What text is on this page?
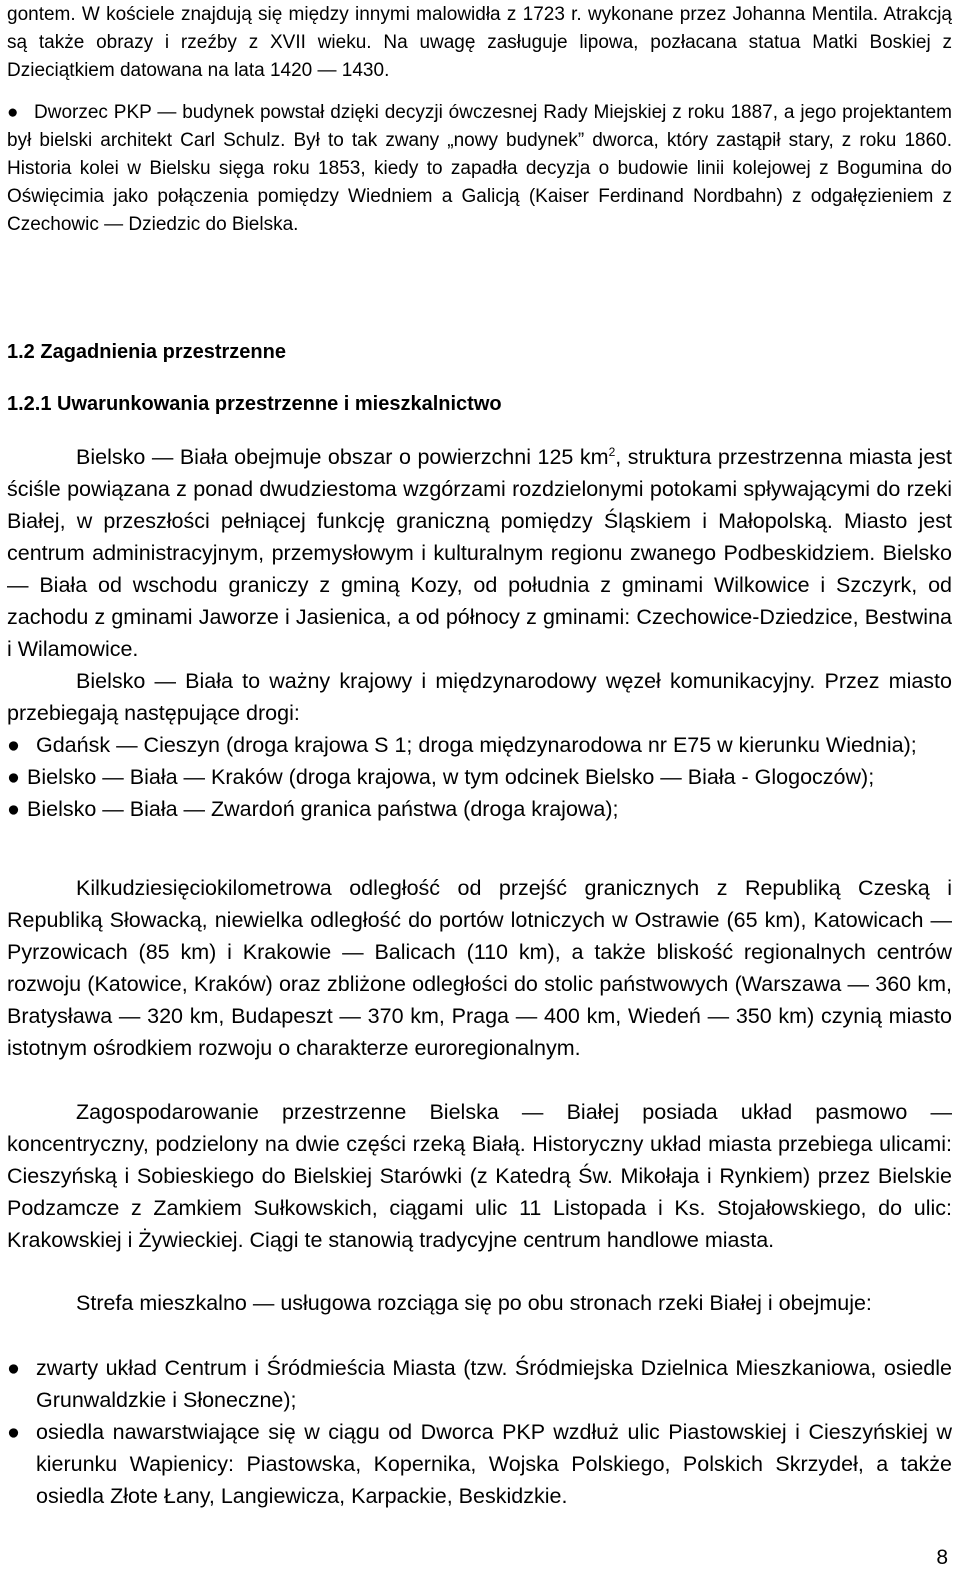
gontem. W kościele znajdują się między innymi malowidła z 1723 r. wykonane przez Johanna Mentila. Atrakcją są także obrazy i rzeźby z XVII wieku. Na uwagę zasługuje lipowa, pozłacana statua Matki Boskiej z Dzieciątkiem datowana na lata 1420 — 1430.

● Dworzec PKP — budynek powstał dzięki decyzji ówczesnej Rady Miejskiej z roku 1887, a jego projektantem był bielski architekt Carl Schulz. Był to tak zwany „nowy budynek” dworca, który zastąpił stary, z roku 1860. Historia kolei w Bielsku sięga roku 1853, kiedy to zapadła decyzja o budowie linii kolejowej z Bogumina do Oświęcimia jako połączenia pomiędzy Wiedniem a Galicją (Kaiser Ferdinand Nordbahn) z odgałęzieniem z Czechowic — Dziedzic do Bielska.

1.2 Zagadnienia przestrzenne
1.2.1 Uwarunkowania przestrzenne i mieszkalnictwo

Bielsko — Biała obejmuje obszar o powierzchni 125 $km^2$, struktura przestrzenna miasta jest ściśle powiązana z ponad dwudziestoma wzgórzami rozdzielonymi potokami spływającymi do rzeki Białej, w przeszłości pełniącej funkcję graniczną pomiędzy Śląskiem i Małopolską. Miasto jest centrum administracyjnym, przemysłowym i kulturalnym regionu zwanego Podbeskidziem. Bielsko — Biała od wschodu graniczy z gminą Kozy, od południa z gminami Wilkowice i Szczyrk, od zachodu z gminami Jaworze i Jasienica, a od północy z gminami: Czechowice-Dziedzice, Bestwina i Wilamowice.

Bielsko — Biała to ważny krajowy i międzynarodowy węzeł komunikacyjny. Przez miasto przebiegają następujące drogi:

● Gdańsk — Cieszyn (droga krajowa S 1; droga międzynarodowa nr E75 w kierunku Wiednia);

● Bielsko — Biała — Kraków (droga krajowa, w tym odcinek Bielsko — Biała - Glogoczów);

● Bielsko — Biała — Zwardoń granica państwa (droga krajowa);

Kilkudziesięciokilometrowa odległość od przejść granicznych z Republiką Czeską i Republiką Słowacką, niewielka odległość do portów lotniczych w Ostrawie (65 km), Katowicach — Pyrzowicach (85 km) i Krakowie — Balicach (110 km), a także bliskość regionalnych centrów rozwoju (Katowice, Kraków) oraz zbliżone odległości do stolic państwowych (Warszawa — 360 km, Bratysława — 320 km, Budapeszt — 370 km, Praga — 400 km, Wiedeń — 350 km) czynią miasto istotnym ośrodkiem rozwoju o charakterze euroregionalnym.

Zagospodarowanie przestrzenne Bielska — Białej posiada układ pasmowo — koncentryczny, podzielony na dwie części rzeką Białą. Historyczny układ miasta przebiega ulicami: Cieszyńską i Sobieskiego do Bielskiej Starówki (z Katedrą Św. Mikołaja i Rynkiem) przez Bielskie Podzamcze z Zamkiem Sułkowskich, ciągami ulic 11 Listopada i Ks. Stojałowskiego, do ulic: Krakowskiej i Żywieckiej. Ciągi te stanowią tradycyjne centrum handlowe miasta.

Strefa mieszkalno — usługowa rozciąga się po obu stronach rzeki Białej i obejmuje:

● zwarty układ Centrum i Śródmieścia Miasta (tzw. Śródmiejska Dzielnica Mieszkaniowa, osiedle Grunwaldzkie i Słoneczne);

● osiedla nawarstwiające się w ciągu od Dworca PKP wzdłuż ulic Piastowskiej i Cieszyńskiej w kierunku Wapienicy: Piastowska, Kopernika, Wojska Polskiego, Polskich Skrzydeł, a także osiedla Złote Łany, Langiewicza, Karpackie, Beskidzkie.

8
